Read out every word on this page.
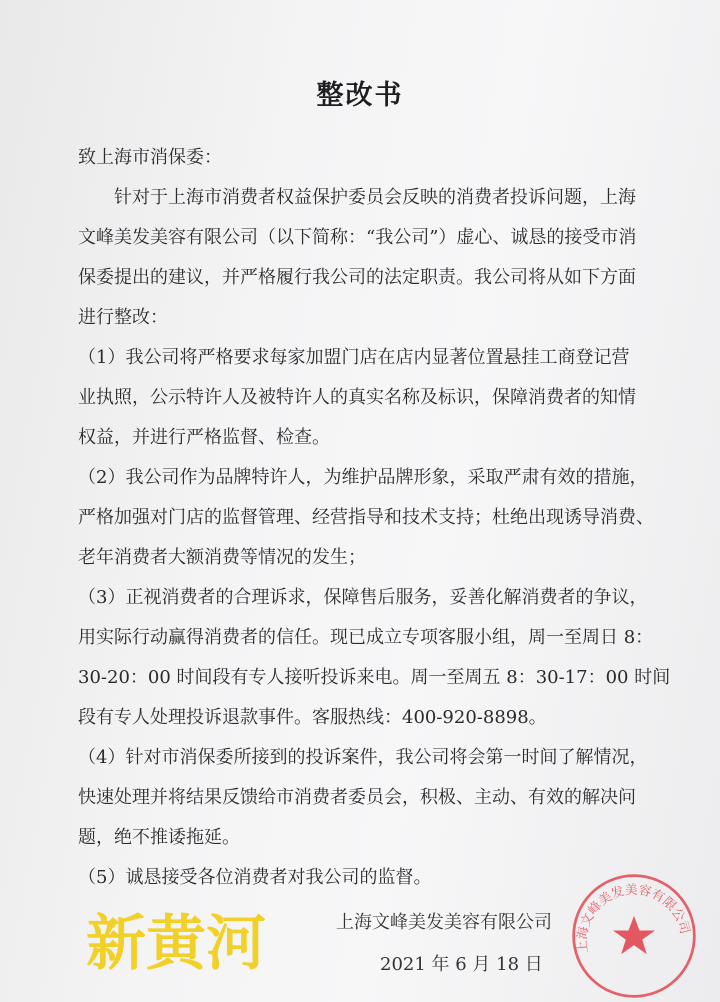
整改书
致上海市消保委：
　　针对于上海市消费者权益保护委员会反映的消费者投诉问题，上海
文峰美发美容有限公司（以下简称：“我公司”）虚心、诚恳的接受市消
保委提出的建议，并严格履行我公司的法定职责。我公司将从如下方面
进行整改：
（1）我公司将严格要求每家加盟门店在店内显著位置悬挂工商登记营
业执照，公示特许人及被特许人的真实名称及标识，保障消费者的知情
权益，并进行严格监督、检查。
（2）我公司作为品牌特许人，为维护品牌形象，采取严肃有效的措施，
严格加强对门店的监督管理、经营指导和技术支持；杜绝出现诱导消费、
老年消费者大额消费等情况的发生；
（3）正视消费者的合理诉求，保障售后服务，妥善化解消费者的争议，
用实际行动赢得消费者的信任。现已成立专项客服小组，周一至周日 8：
30-20：00 时间段有专人接听投诉来电。周一至周五 8：30-17：00 时间
段有专人处理投诉退款事件。客服热线：400-920-8898。
（4）针对市消保委所接到的投诉案件，我公司将会第一时间了解情况，
快速处理并将结果反馈给市消费者委员会，积极、主动、有效的解决问
题，绝不推诿拖延。
（5）诚恳接受各位消费者对我公司的监督。
上海文峰美发美容有限公司
2021 年 6 月 18 日
上海文峰美发美容有限公司
新黄河
